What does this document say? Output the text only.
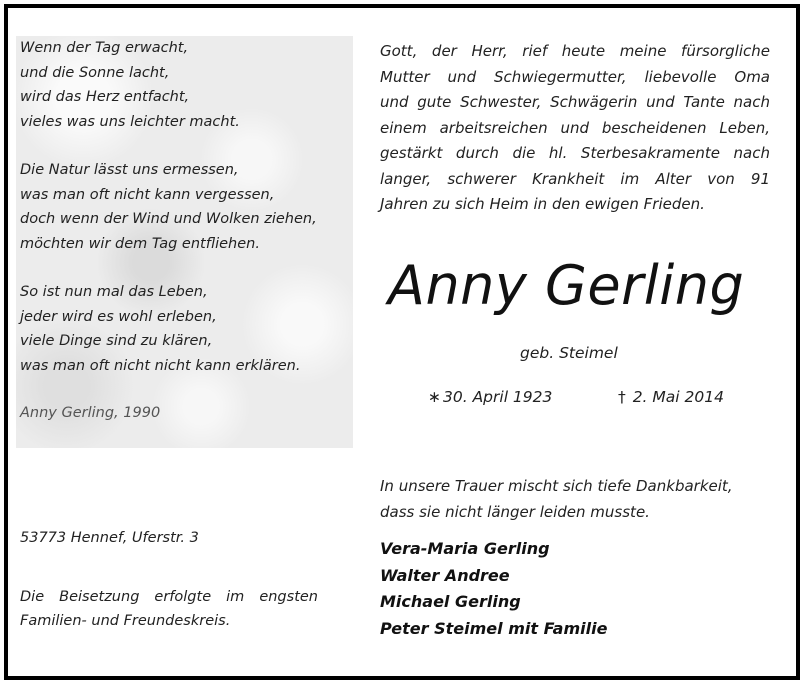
Wenn der Tag erwacht,
und die Sonne lacht,
wird das Herz entfacht,
vieles was uns leichter macht.
Die Natur lässt uns ermessen,
was man oft nicht kann vergessen,
doch wenn der Wind und Wolken ziehen,
möchten wir dem Tag entfliehen.
So ist nun mal das Leben,
jeder wird es wohl erleben,
viele Dinge sind zu klären,
was man oft nicht nicht kann erklären.
Anny Gerling, 1990
Gott, der Herr, rief heute meine fürsorgliche
Mutter und Schwiegermutter, liebevolle Oma
und gute Schwester, Schwägerin und Tante nach
einem arbeitsreichen und bescheidenen Leben,
gestärkt durch die hl. Sterbesakramente nach
langer, schwerer Krankheit im Alter von 91
Jahren zu sich Heim in den ewigen Frieden.
Anny Gerling
geb. Steimel
∗ 30. April 1923	† 2. Mai 2014
In unsere Trauer mischt sich tiefe Dankbarkeit,
dass sie nicht länger leiden musste.
Vera-Maria Gerling
Walter Andree
Michael Gerling
Peter Steimel mit Familie
53773 Hennef, Uferstr. 3
Die Beisetzung erfolgte im engsten
Familien- und Freundeskreis.
